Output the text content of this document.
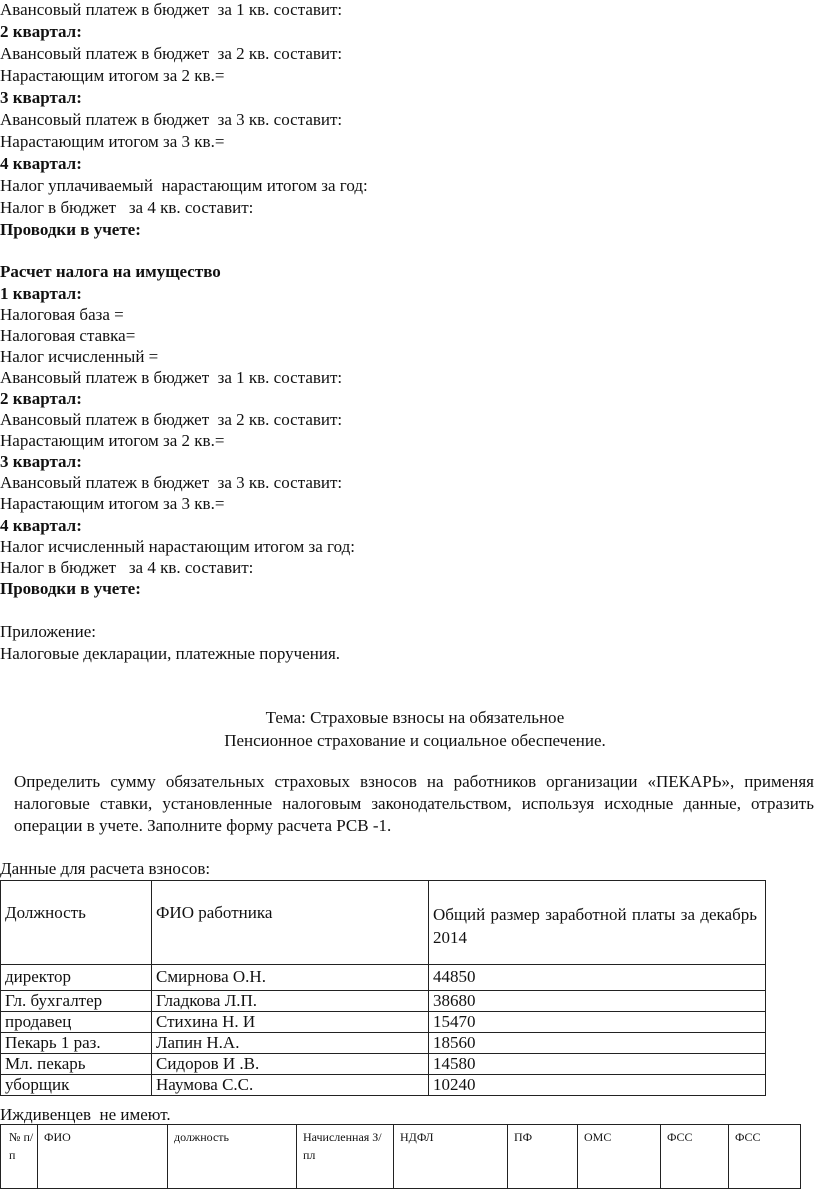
Авансовый платеж в бюджет  за 1 кв. составит:
2 квартал:
Авансовый платеж в бюджет  за 2 кв. составит:
Нарастающим итогом за 2 кв.=
3 квартал:
Авансовый платеж в бюджет  за 3 кв. составит:
Нарастающим итогом за 3 кв.=
4 квартал:
Налог уплачиваемый  нарастающим итогом за год:
Налог в бюджет   за 4 кв. составит:
Проводки в учете:
Расчет налога на имущество
1 квартал:
Налоговая база =
Налоговая ставка=
Налог исчисленный =
Авансовый платеж в бюджет  за 1 кв. составит:
2 квартал:
Авансовый платеж в бюджет  за 2 кв. составит:
Нарастающим итогом за 2 кв.=
3 квартал:
Авансовый платеж в бюджет  за 3 кв. составит:
Нарастающим итогом за 3 кв.=
4 квартал:
Налог исчисленный нарастающим итогом за год:
Налог в бюджет   за 4 кв. составит:
Проводки в учете:
Приложение:
Налоговые декларации, платежные поручения.
Тема: Страховые взносы на обязательное
Пенсионное страхование и социальное обеспечение.
Определить сумму обязательных страховых взносов на работников организации «ПЕКАРЬ», применяя налоговые ставки, установленные налоговым законодательством, используя исходные данные, отразить операции в учете. Заполните форму расчета РСВ -1.
Данные для расчета взносов:
Должность	ФИО работника	Общий размер заработной платы за декабрь 2014
директор	Смирнова О.Н.	44850
Гл. бухгалтер	Гладкова Л.П.	38680
продавец	Стихина Н. И	15470
Пекарь 1 раз.	Лапин Н.А.	18560
Мл. пекарь	Сидоров И .В.	14580
уборщик	Наумова С.С.	10240
Иждивенцев  не имеют.
№ п/п	ФИО	должность	Начисленная З/пл	НДФЛ	ПФ	ОМС	ФСС	ФСС
